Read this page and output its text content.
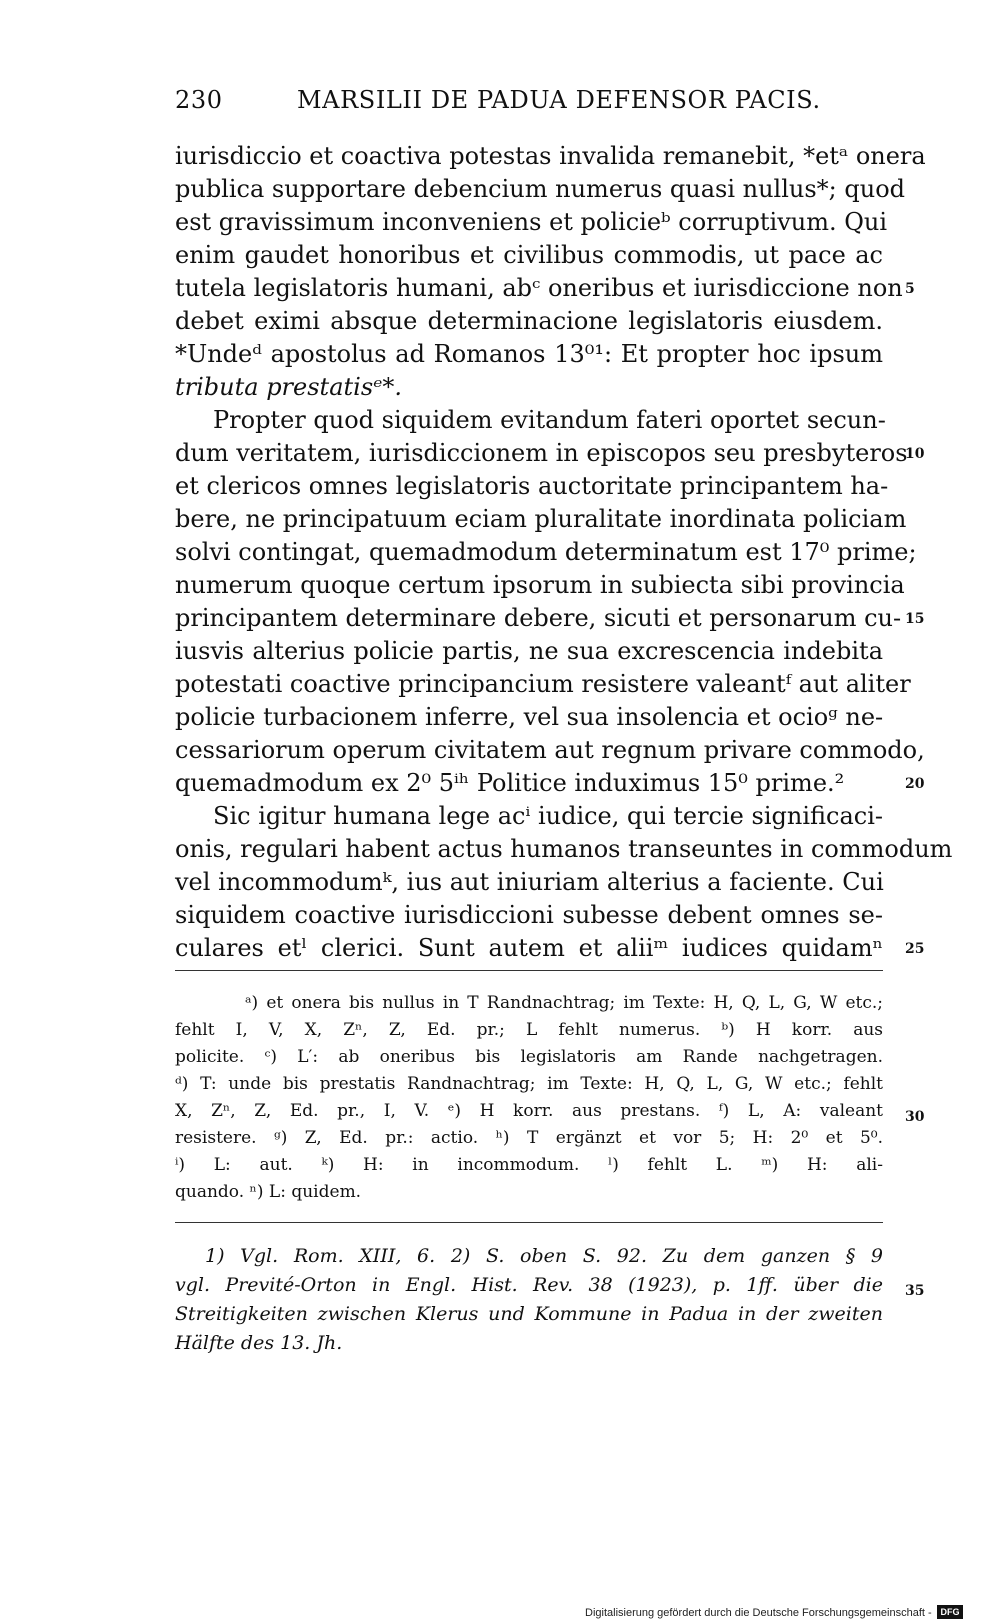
230	MARSILII DE PADUA DEFENSOR PACIS.
iurisdiccio et coactiva potestas invalida remanebit, *etᵃ onera
publica supportare debencium numerus quasi nullus*; quod
est gravissimum inconveniens et policieᵇ corruptivum. Qui
enim gaudet honoribus et civilibus commodis, ut pace ac
tutela legislatoris humani, abᶜ oneribus et iurisdiccione non
debet eximi absque determinacione legislatoris eiusdem.
*Undeᵈ apostolus ad Romanos 13⁰¹: Et propter hoc ipsum
tributa prestatisᵉ*.
Propter quod siquidem evitandum fateri oportet secun-
dum veritatem, iurisdiccionem in episcopos seu presbyteros
et clericos omnes legislatoris auctoritate principantem ha-
bere, ne principatuum eciam pluralitate inordinata policiam
solvi contingat, quemadmodum determinatum est 17⁰ prime;
numerum quoque certum ipsorum in subiecta sibi provincia
principantem determinare debere, sicuti et personarum cu-
iusvis alterius policie partis, ne sua excrescencia indebita
potestati coactive principancium resistere valeantᶠ aut aliter
policie turbacionem inferre, vel sua insolencia et ocioᵍ ne-
cessariorum operum civitatem aut regnum privare commodo,
quemadmodum ex 2⁰ 5ⁱʰ Politice induximus 15⁰ prime.²
Sic igitur humana lege acⁱ iudice, qui tercie significaci-
onis, regulari habent actus humanos transeuntes in commodum
vel incommodumᵏ, ius aut iniuriam alterius a faciente. Cui
siquidem coactive iurisdiccioni subesse debent omnes se-
culares etˡ clerici. Sunt autem et aliiᵐ iudices quidamⁿ
5
10
15
20
25
30
35
ᵃ) et onera bis nullus in T Randnachtrag; im Texte: H, Q, L, G, W etc.;
fehlt I, V, X, Zⁿ, Z, Ed. pr.; L fehlt numerus. ᵇ) H korr. aus
policite. ᶜ) L′: ab oneribus bis legislatoris am Rande nachgetragen.
ᵈ) T: unde bis prestatis Randnachtrag; im Texte: H, Q, L, G, W etc.; fehlt
X, Zⁿ, Z, Ed. pr., I, V. ᵉ) H korr. aus prestans. ᶠ) L, A: valeant
resistere. ᵍ) Z, Ed. pr.: actio. ʰ) T ergänzt et vor 5; H: 2⁰ et 5⁰.
ⁱ) L: aut. ᵏ) H: in incommodum. ˡ) fehlt L. ᵐ) H: ali-
quando. ⁿ) L: quidem.
1) Vgl. Rom. XIII, 6. 2) S. oben S. 92. Zu dem ganzen § 9
vgl. Previté-Orton in Engl. Hist. Rev. 38 (1923), p. 1ff. über die
Streitigkeiten zwischen Klerus und Kommune in Padua in der zweiten
Hälfte des 13. Jh.
Digitalisierung gefördert durch die Deutsche Forschungsgemeinschaft - DFG
